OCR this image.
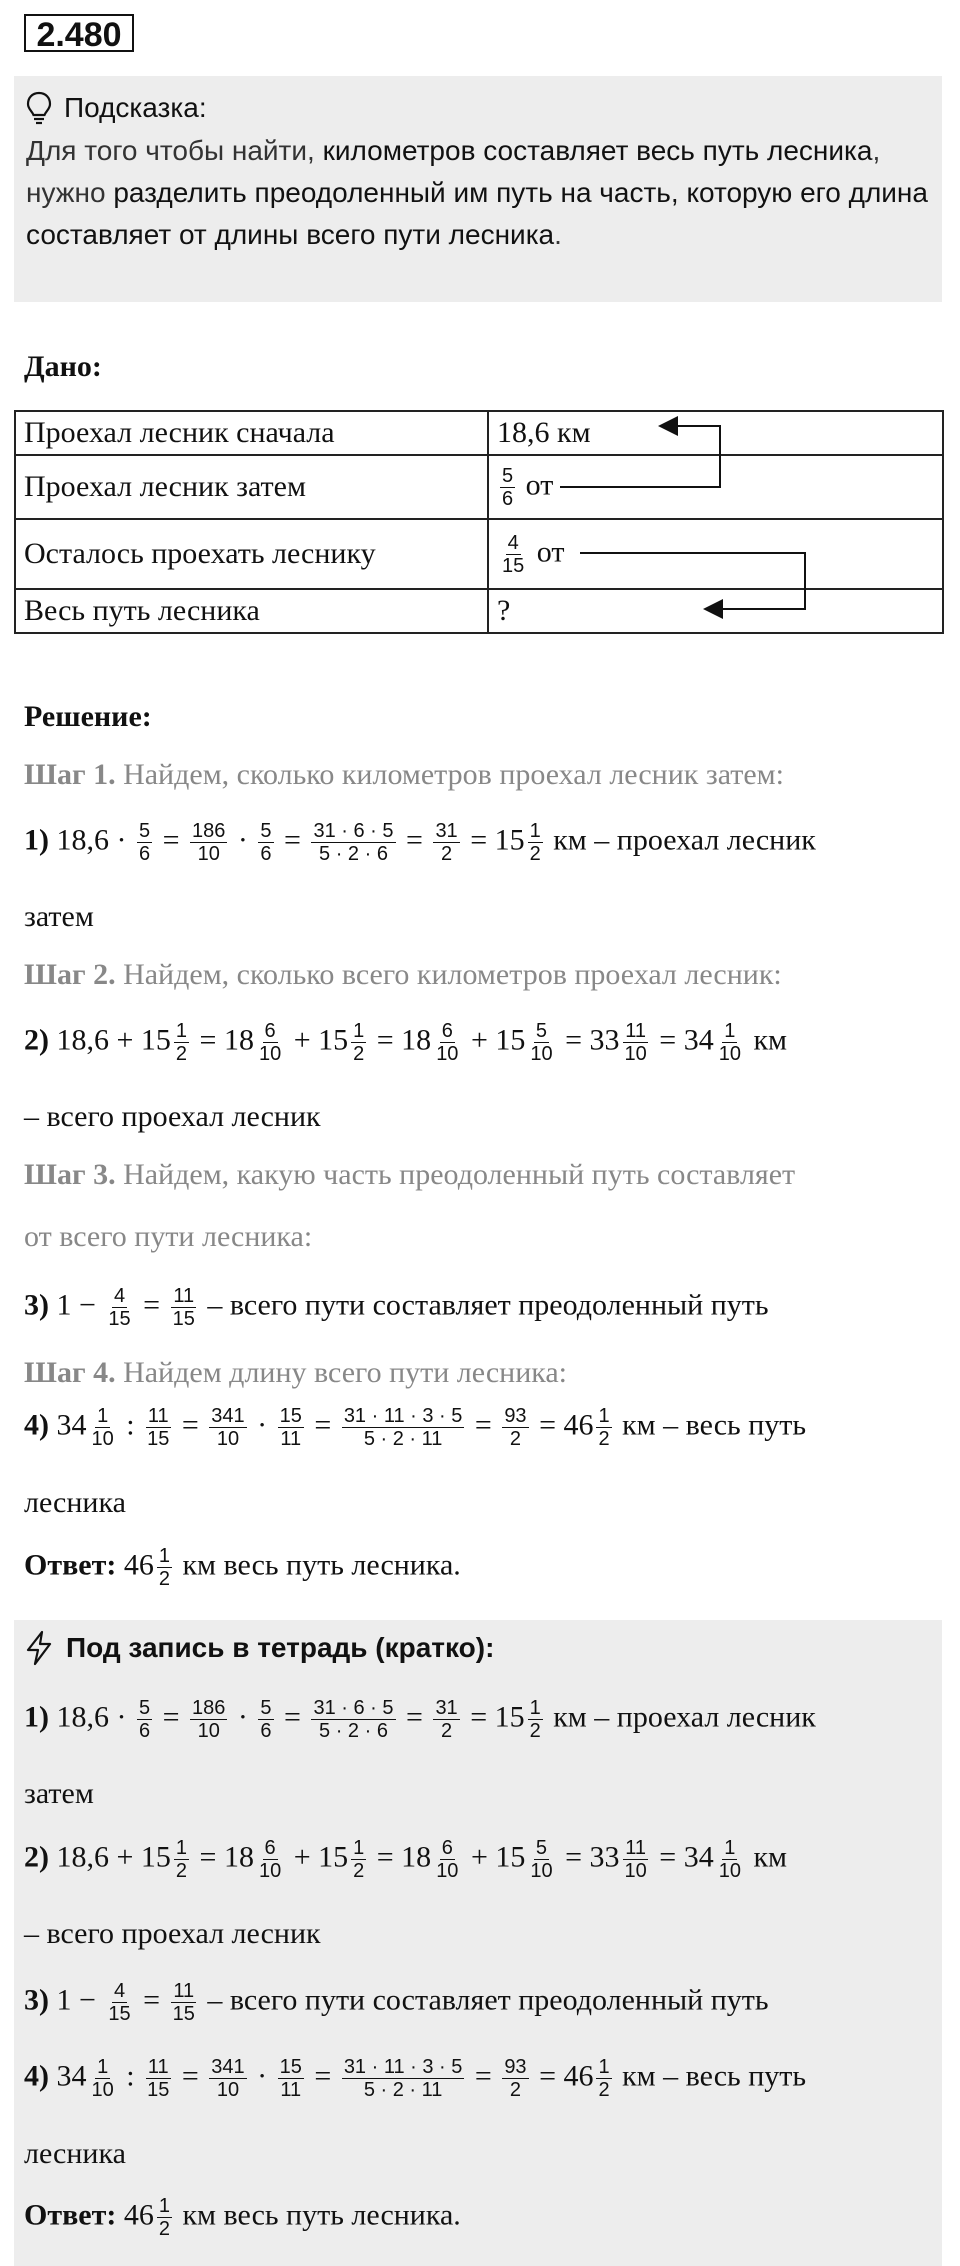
2.480
Подсказка:
Для того чтобы найти, километров составляет весь путь лесника, нужно разделить преодоленный им путь на часть, которую его длина составляет от длины всего пути лесника.
Дано:
Проехал лесник сначала	18,6 км
Проехал лесник затем	$\frac{5}{6}$ от
Осталось проехать леснику	$\frac{4}{15}$ от
Весь путь лесника	?
Решение:
Шаг 1. Найдем, сколько километров проехал лесник затем:
1) $18,6 \cdot \frac{5}{6} = \frac{186}{10} \cdot \frac{5}{6} = \frac{31 \cdot 6 \cdot 5}{5 \cdot 2 \cdot 6} = \frac{31}{2} = 15 \frac{1}{2}$ км – проехал лесник
затем
Шаг 2. Найдем, сколько всего километров проехал лесник:
2) $18,6 + 15 \frac{1}{2} = 18 \frac{6}{10} + 15 \frac{1}{2} = 18 \frac{6}{10} + 15 \frac{5}{10} = 33 \frac{11}{10} = 34 \frac{1}{10}$ км
– всего проехал лесник
Шаг 3. Найдем, какую часть преодоленный путь составляет
от всего пути лесника:
3) $1 - \frac{4}{15} = \frac{11}{15}$ – всего пути составляет преодоленный путь
Шаг 4. Найдем длину всего пути лесника:
4) $34 \frac{1}{10}$ : $\frac{11}{15} = \frac{341}{10} \cdot \frac{15}{11} = \frac{31 \cdot 11 \cdot 3 \cdot 5}{5 \cdot 2 \cdot 11} = \frac{93}{2} = 46 \frac{1}{2}$ км – весь путь
лесника
Ответ: $46 \frac{1}{2}$ км весь путь лесника.
Под запись в тетрадь (кратко):
1) $18,6 \cdot \frac{5}{6} = \frac{186}{10} \cdot \frac{5}{6} = \frac{31 \cdot 6 \cdot 5}{5 \cdot 2 \cdot 6} = \frac{31}{2} = 15 \frac{1}{2}$ км – проехал лесник
затем
2) $18,6 + 15 \frac{1}{2} = 18 \frac{6}{10} + 15 \frac{1}{2} = 18 \frac{6}{10} + 15 \frac{5}{10} = 33 \frac{11}{10} = 34 \frac{1}{10}$ км
– всего проехал лесник
3) $1 - \frac{4}{15} = \frac{11}{15}$ – всего пути составляет преодоленный путь
4) $34 \frac{1}{10}$ : $\frac{11}{15} = \frac{341}{10} \cdot \frac{15}{11} = \frac{31 \cdot 11 \cdot 3 \cdot 5}{5 \cdot 2 \cdot 11} = \frac{93}{2} = 46 \frac{1}{2}$ км – весь путь
лесника
Ответ: $46 \frac{1}{2}$ км весь путь лесника.
